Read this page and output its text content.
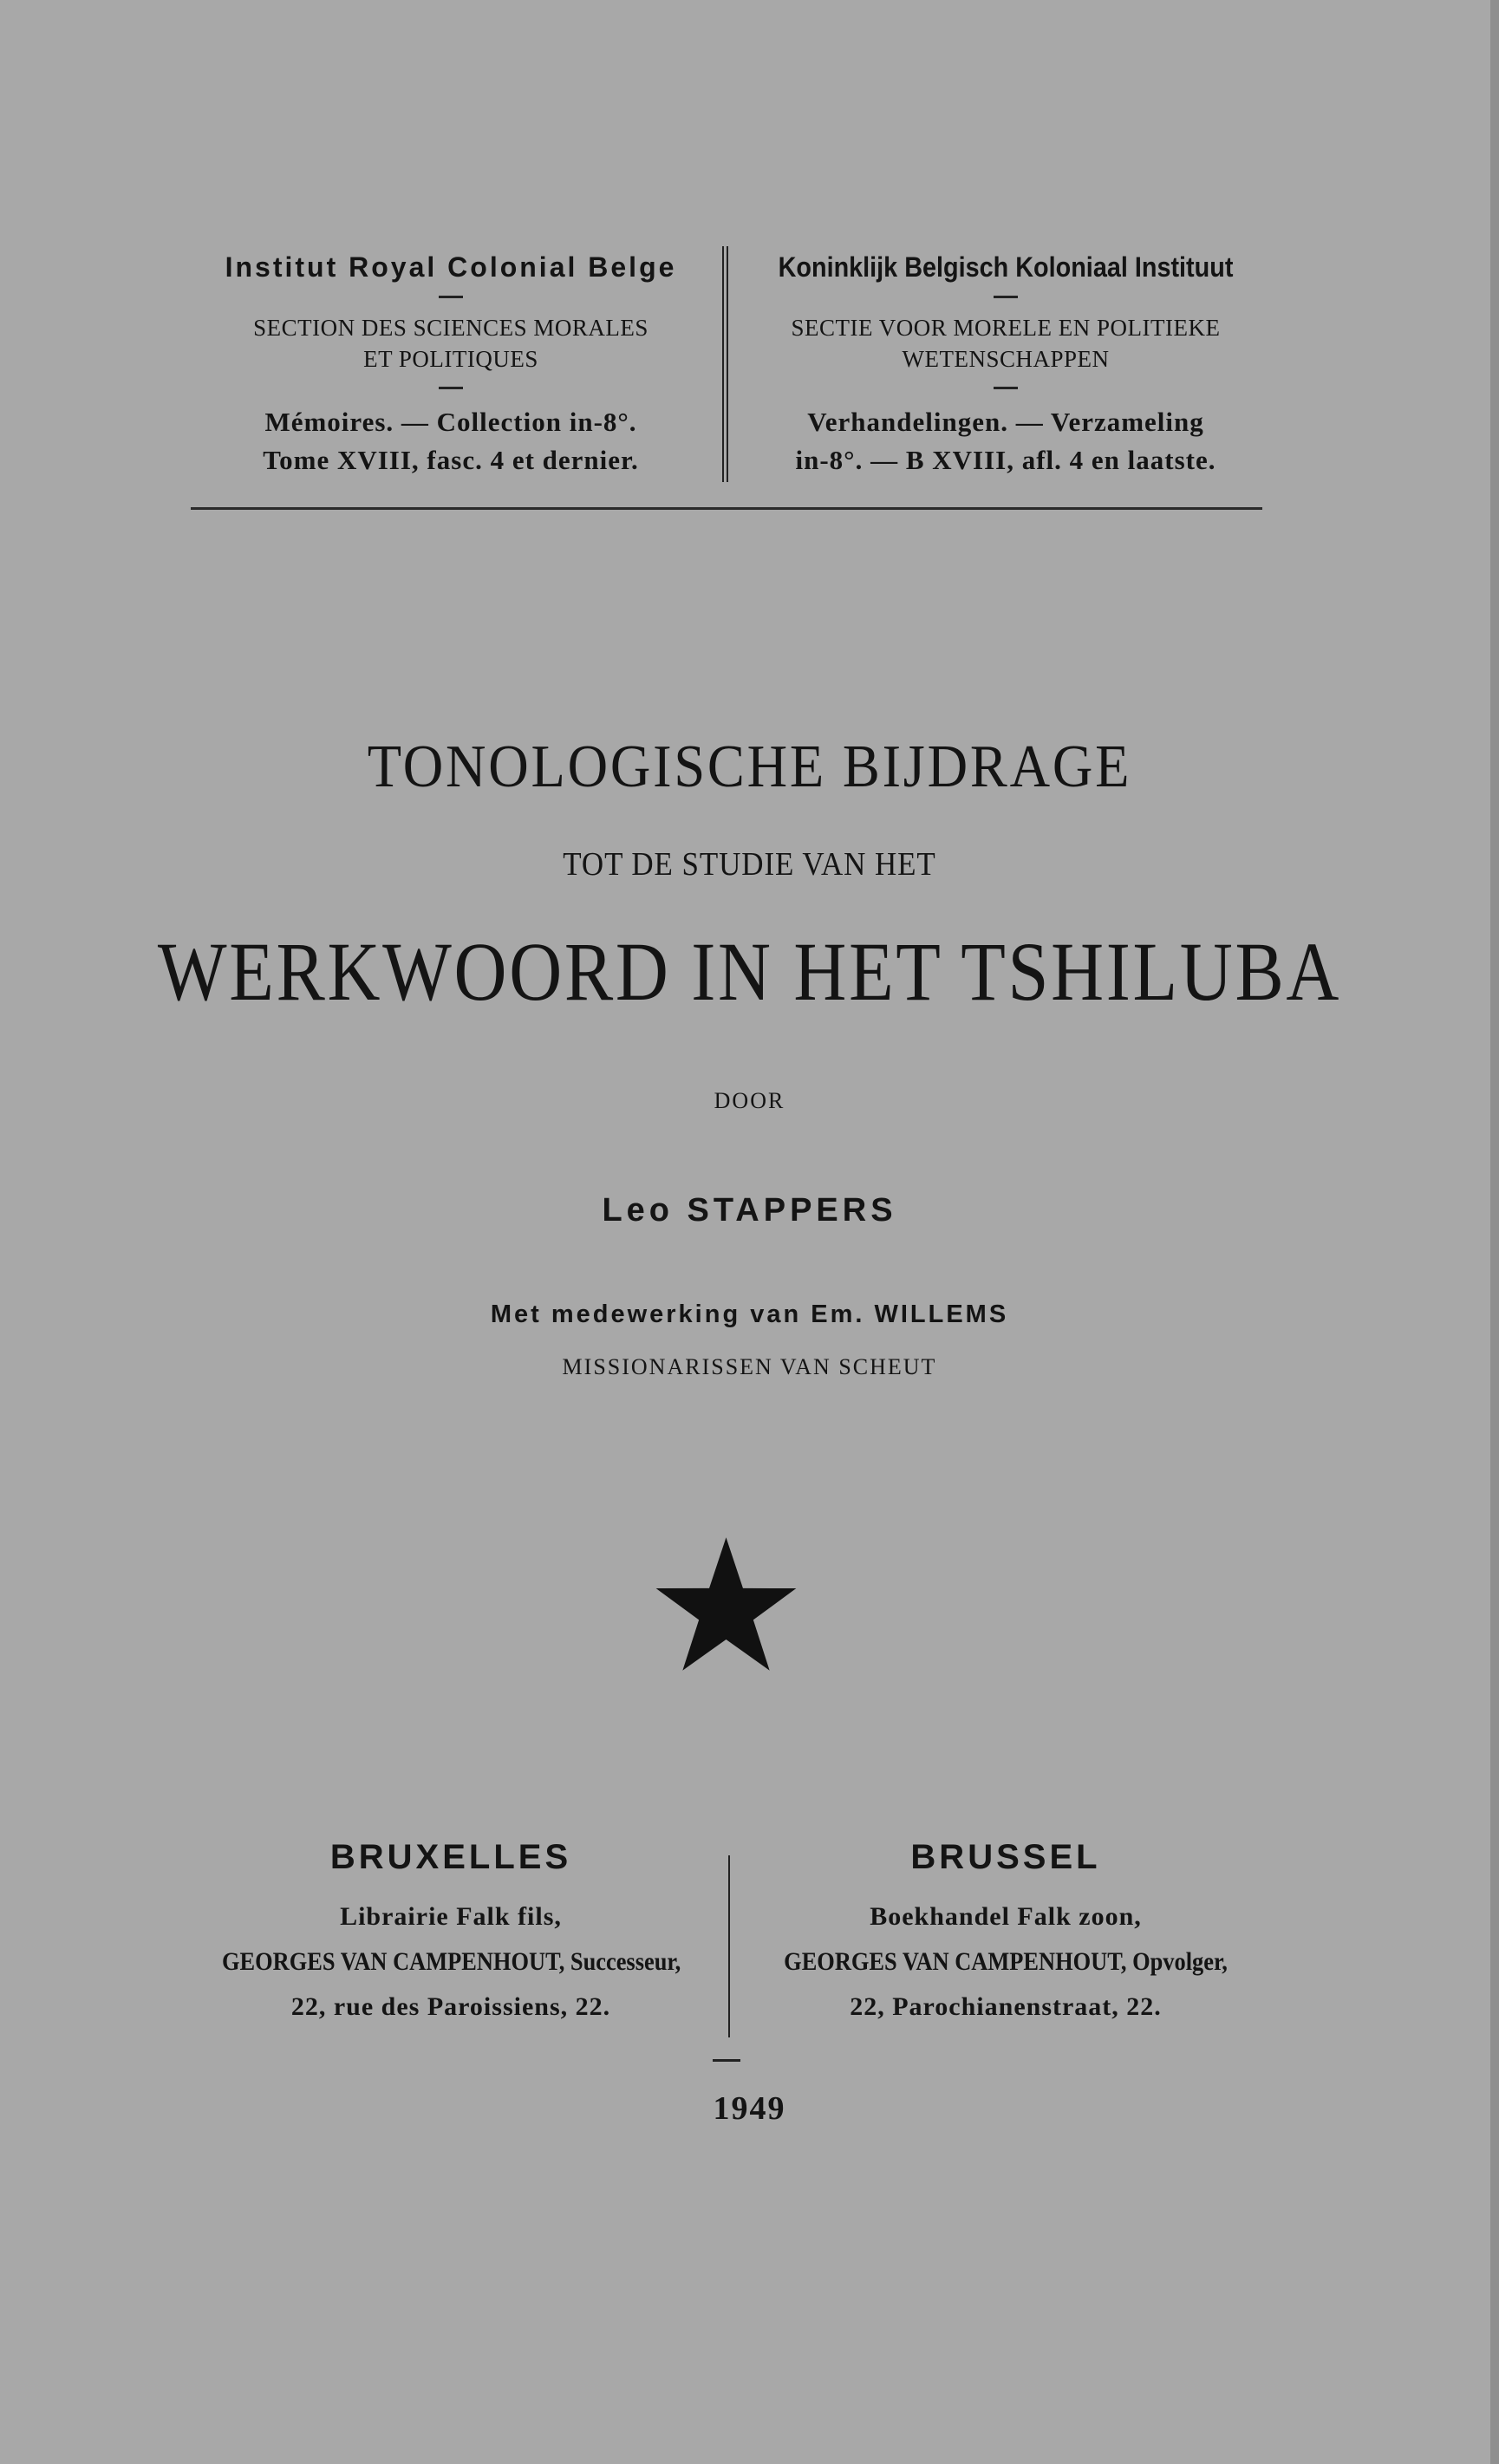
Institut Royal Colonial Belge
SECTION DES SCIENCES MORALES
ET POLITIQUES
Mémoires. — Collection in-8°.
Tome XVIII, fasc. 4 et dernier.
Koninklijk Belgisch Koloniaal Instituut
SECTIE VOOR MORELE EN POLITIEKE
WETENSCHAPPEN
Verhandelingen. — Verzameling
in-8°. — B XVIII, afl. 4 en laatste.
TONOLOGISCHE BIJDRAGE
TOT DE STUDIE VAN HET
WERKWOORD IN HET TSHILUBA
DOOR
Leo STAPPERS
Met medewerking van Em. WILLEMS
MISSIONARISSEN VAN SCHEUT
BRUXELLES
Librairie Falk fils,
GEORGES VAN CAMPENHOUT, Successeur,
22, rue des Paroissiens, 22.
BRUSSEL
Boekhandel Falk zoon,
GEORGES VAN CAMPENHOUT, Opvolger,
22, Parochianenstraat, 22.
1949
